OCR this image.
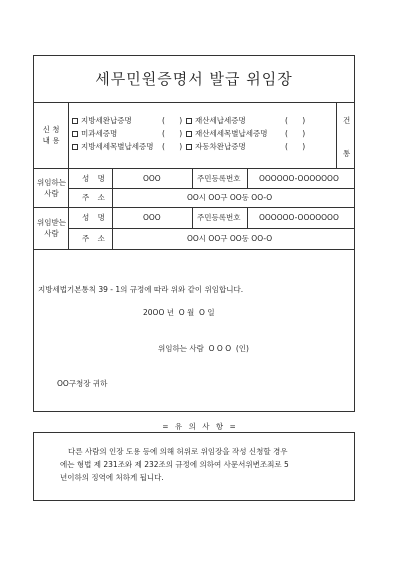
세무민원증명서 발급 위임장
신 청
내 용
지방세완납증명	( )	재산세납세증명	( )
미과세증명	( )	재산세세목별납세증명 ( )
지방세세목별납세증명 ( )	자동차완납증명	( )
건
통
위임하는
사람
성 명	OOO	주민등록번호 OOOOOO-OOOOOOO
주 소	OO시 OO구 OO동 OO-O
위임받는
사람
성 명	OOO	주민등록번호 OOOOOO-OOOOOOO
주 소	OO시 OO구 OO동 OO-O
지방세법기본통칙 39 - 1의 규정에 따라 위와 같이 위임합니다.
20OO 년  O 월  O 일
위임하는 사람  O O O  (인)
OO구청장 귀하
= 유 의 사 항 =
다른 사람의 인장 도용 등에 의해 허위로 위임장을 작성 신청할 경우
에는 형법 제 231조와 제 232조의 규정에 의하여 사문서위변조죄로 5
년이하의 징역에 처하게 됩니다.
